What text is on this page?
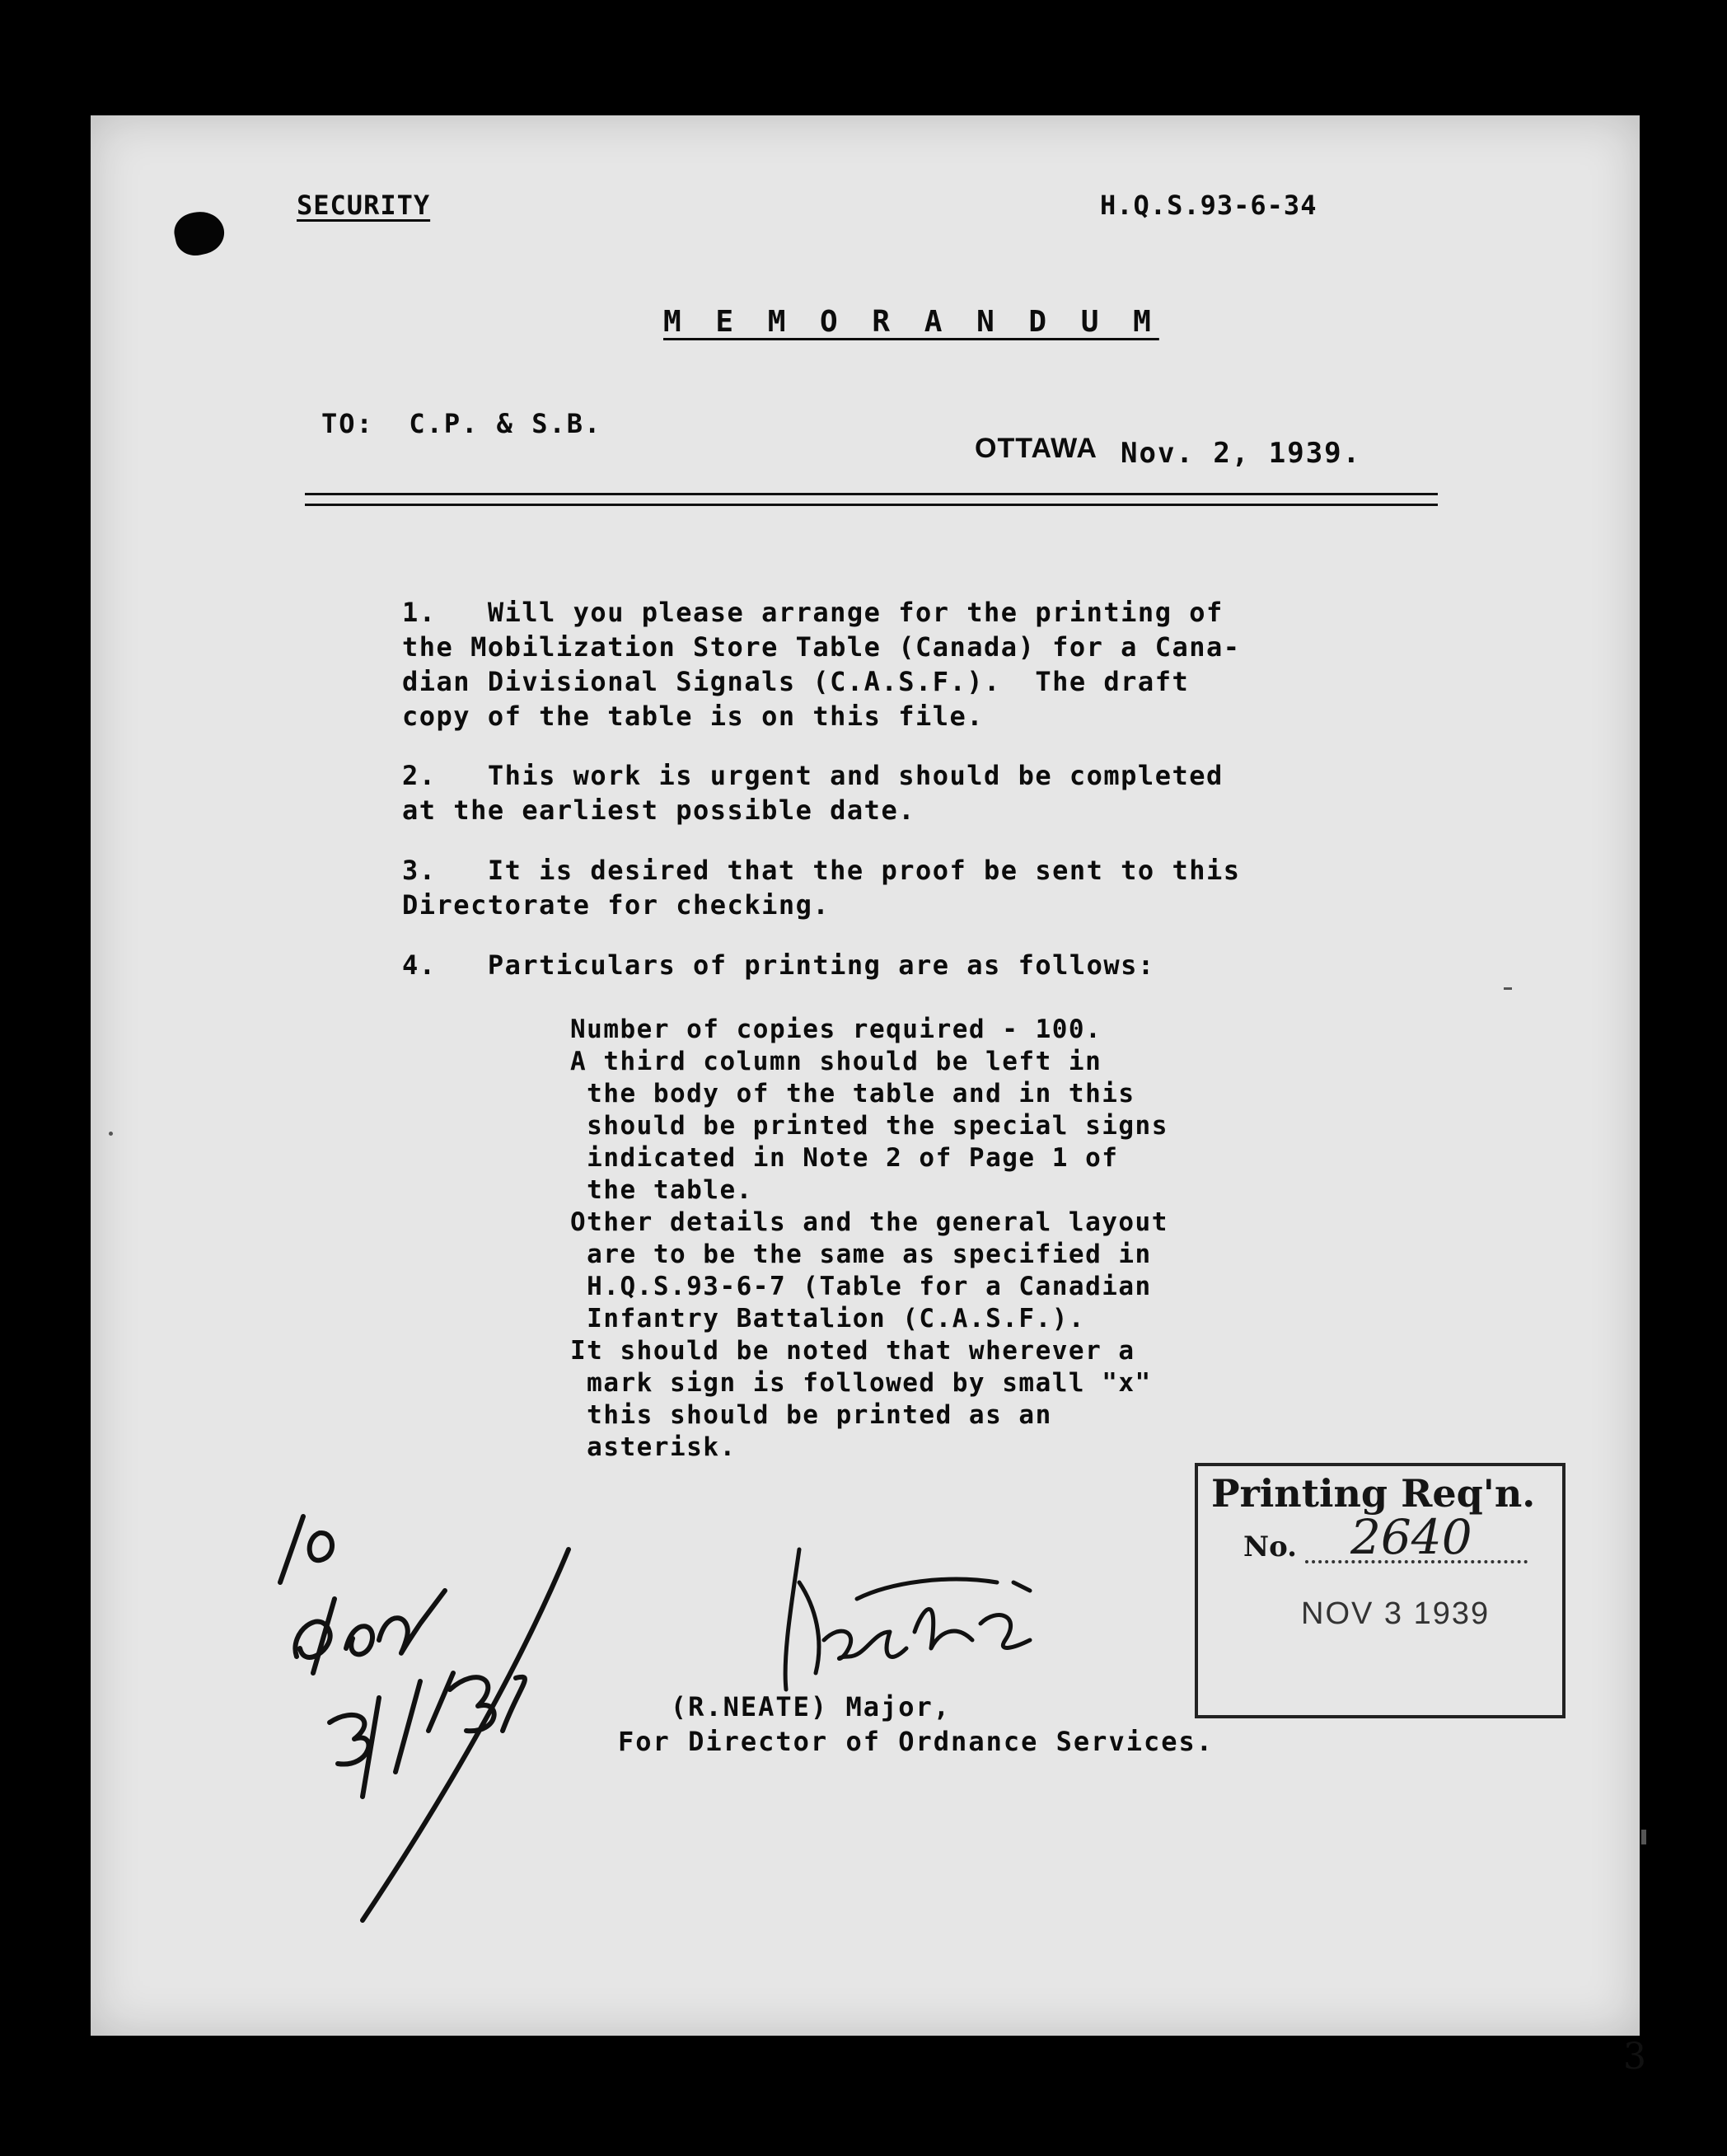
SECURITY	H.Q.S.93-6-34
M E M O R A N D U M
TO:  C.P. & S.B.
OTTAWA Nov. 2, 1939.
1.   Will you please arrange for the printing of
the Mobilization Store Table (Canada) for a Cana-
dian Divisional Signals (C.A.S.F.).  The draft
copy of the table is on this file.
2.   This work is urgent and should be completed
at the earliest possible date.
3.   It is desired that the proof be sent to this
Directorate for checking.
4.   Particulars of printing are as follows:
Number of copies required - 100.
A third column should be left in
the body of the table and in this
should be printed the special signs
indicated in Note 2 of Page 1 of
the table.
Other details and the general layout
are to be the same as specified in
H.Q.S.93-6-7 (Table for a Canadian
Infantry Battalion (C.A.S.F.).
It should be noted that wherever a
mark sign is followed by small "x"
this should be printed as an
asterisk.
(R.NEATE) Major,
For Director of Ordnance Services.
Printing Req'n.
No. 2640
NOV 3 1939
3
